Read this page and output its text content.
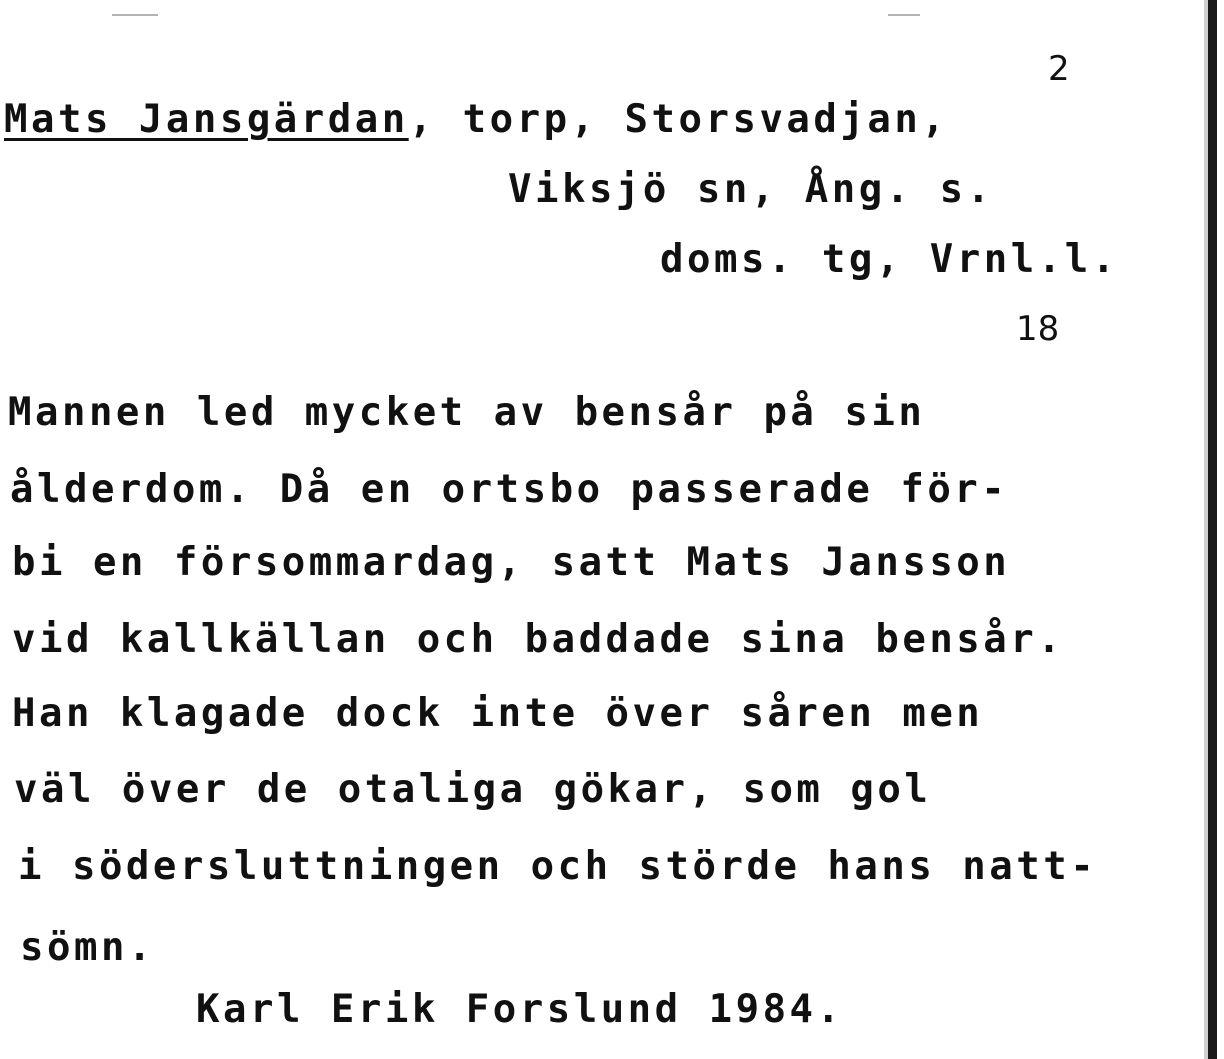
2
Mats Jansgärdan, torp, Storsvadjan,
Viksjö sn, Ång. s.
doms. tg, Vrnl.l.
18
Mannen led mycket av bensår på sin
ålderdom. Då en ortsbo passerade för-
bi en försommardag, satt Mats Jansson
vid kallkällan och baddade sina bensår.
Han klagade dock inte över såren men
väl över de otaliga gökar, som gol
i södersluttningen och störde hans natt-
sömn.
Karl Erik Forslund 1984.
